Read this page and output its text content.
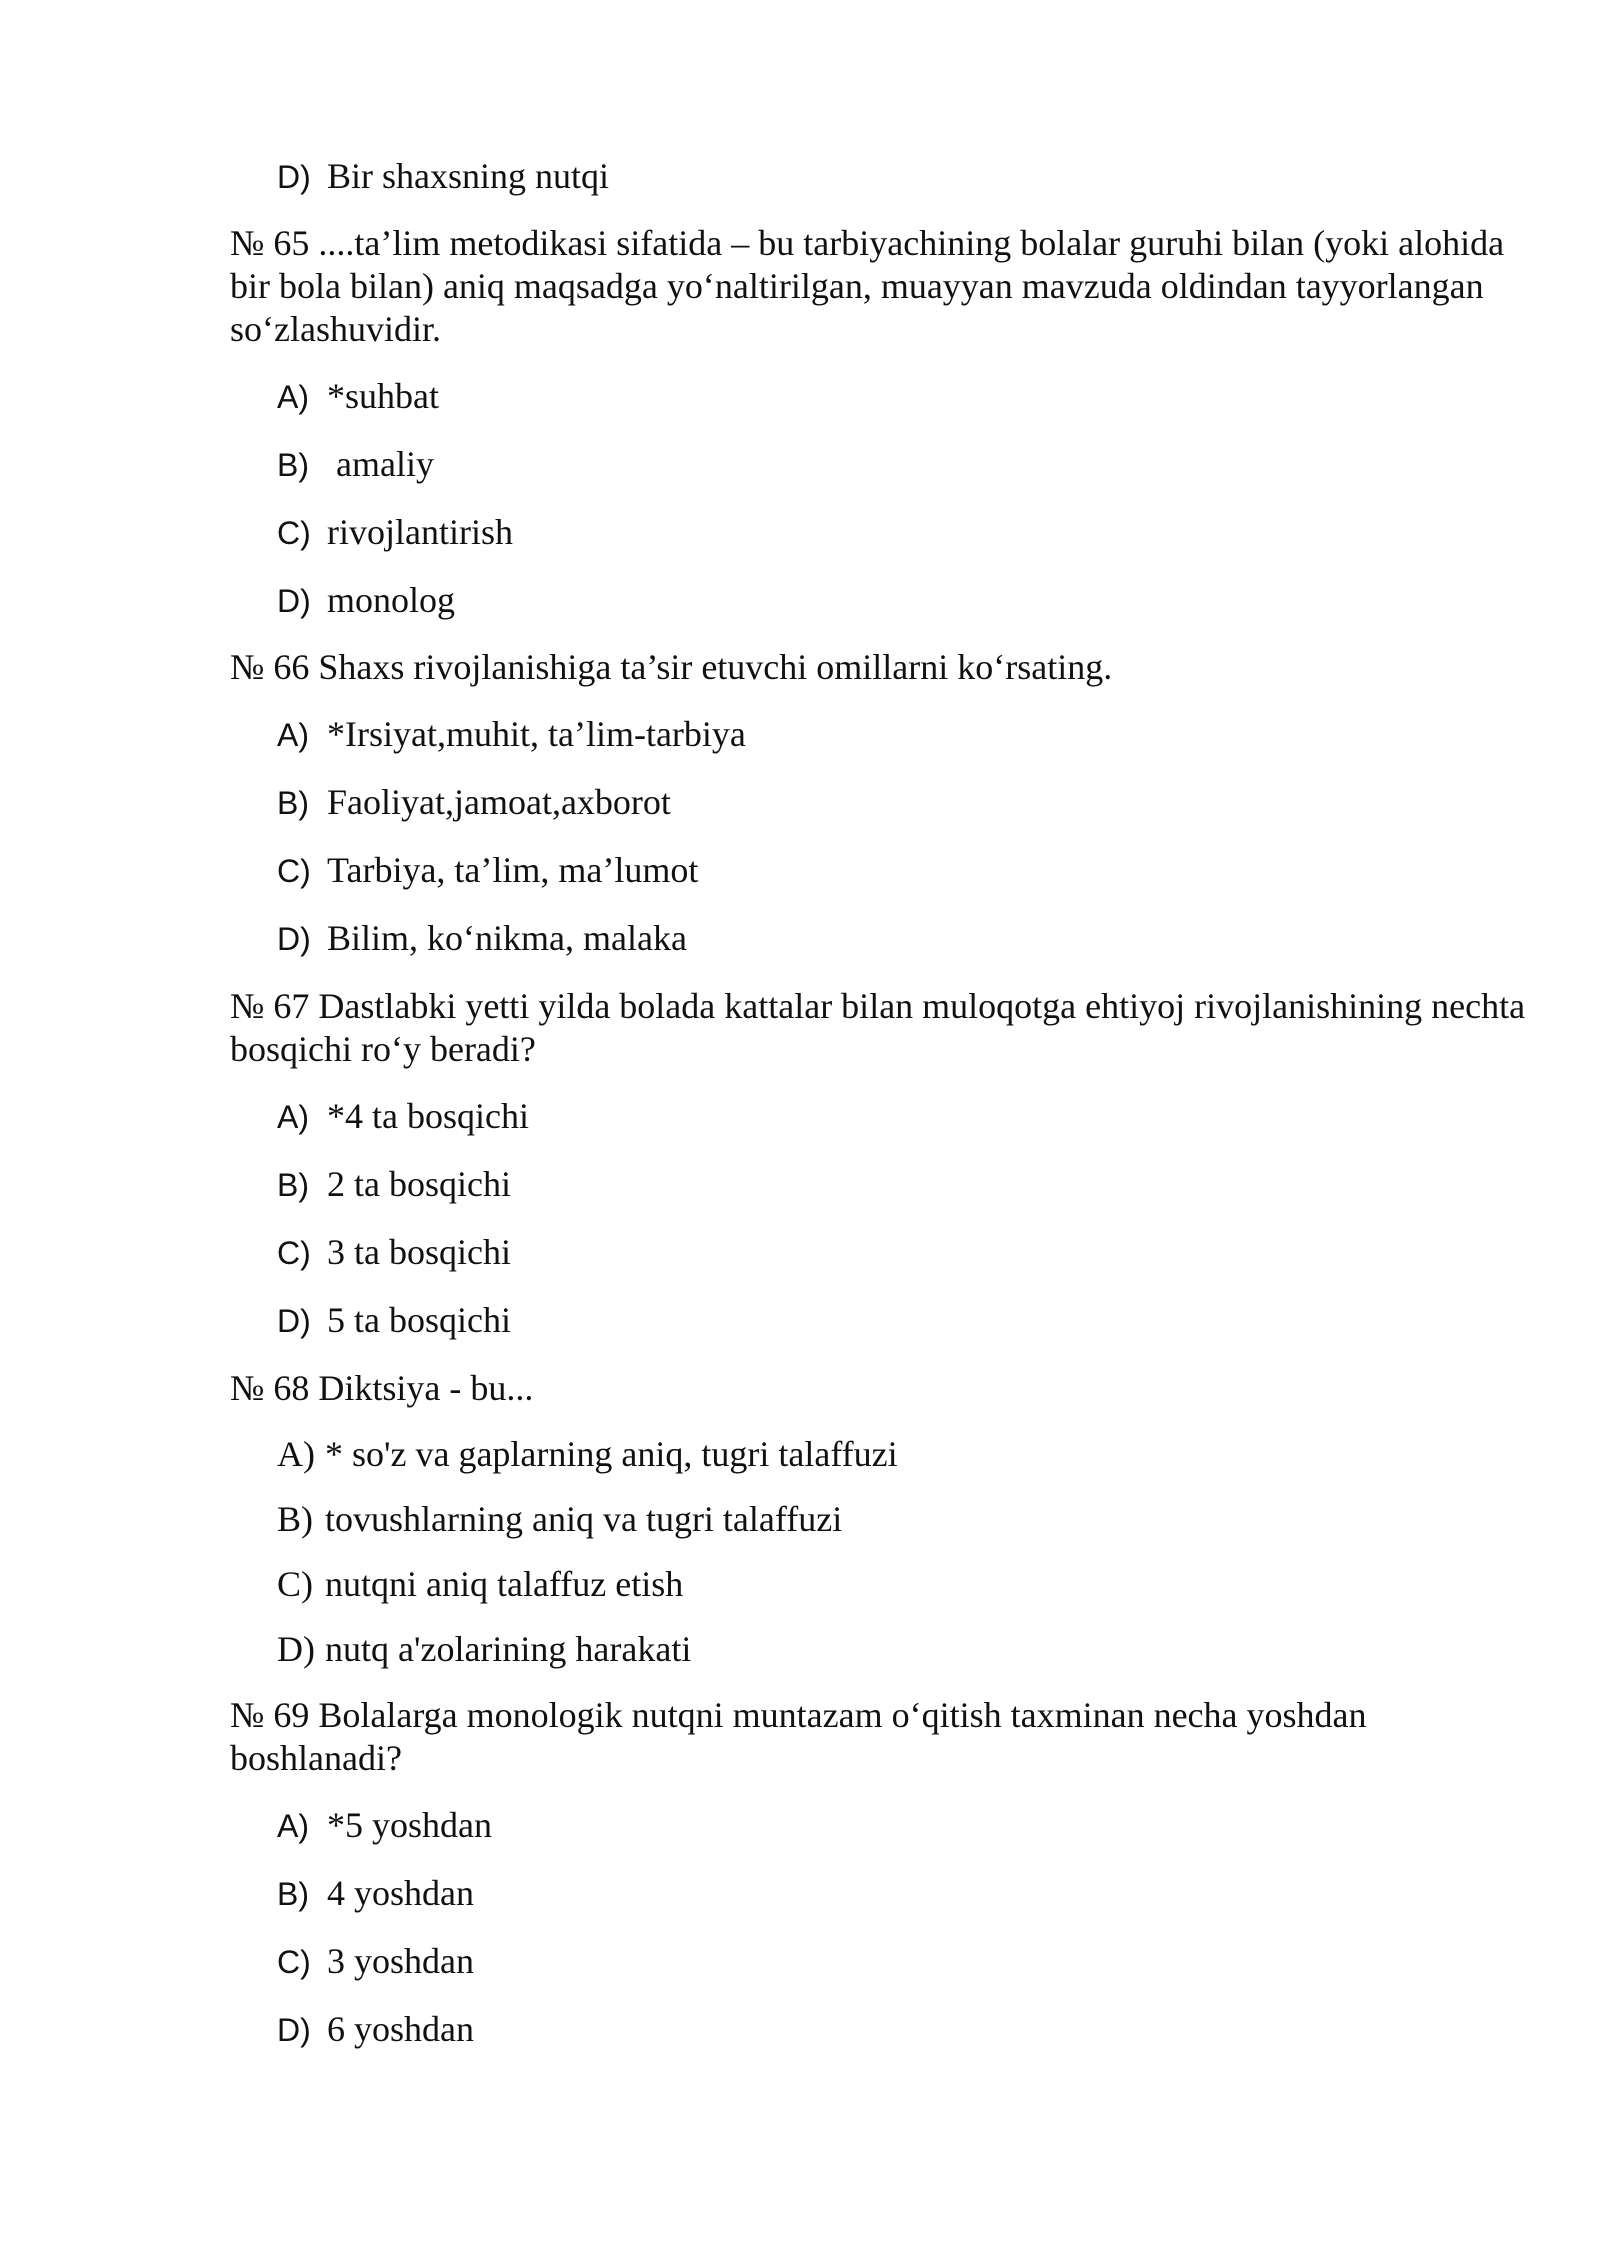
D) Bir shaxsning nutqi
№ 65 ....ta’lim metodikasi sifatida – bu tarbiyachining bolalar guruhi bilan (yoki alohida bir bola bilan) aniq maqsadga yo‘naltirilgan, muayyan mavzuda oldindan tayyorlangan so‘zlashuvidir.
A) *suhbat
B) amaliy
C) rivojlantirish
D) monolog
№ 66 Shaxs rivojlanishiga ta’sir etuvchi omillarni ko‘rsating.
A) *Irsiyat,muhit, ta’lim-tarbiya
B) Faoliyat,jamoat,axborot
C) Tarbiya, ta’lim, ma’lumot
D) Bilim, ko‘nikma, malaka
№ 67 Dastlabki yetti yilda bolada kattalar bilan muloqotga ehtiyoj rivojlanishining nechta bosqichi ro‘y beradi?
A) *4 ta bosqichi
B) 2 ta bosqichi
C) 3 ta bosqichi
D) 5 ta bosqichi
№ 68 Diktsiya - bu...
A) * so'z va gaplarning aniq, tugri talaffuzi
B) tovushlarning aniq va tugri talaffuzi
C) nutqni aniq talaffuz etish
D) nutq a'zolarining harakati
№ 69 Bolalarga monologik nutqni muntazam o‘qitish taxminan necha yoshdan boshlanadi?
A) *5 yoshdan
B) 4 yoshdan
C) 3 yoshdan
D) 6 yoshdan
